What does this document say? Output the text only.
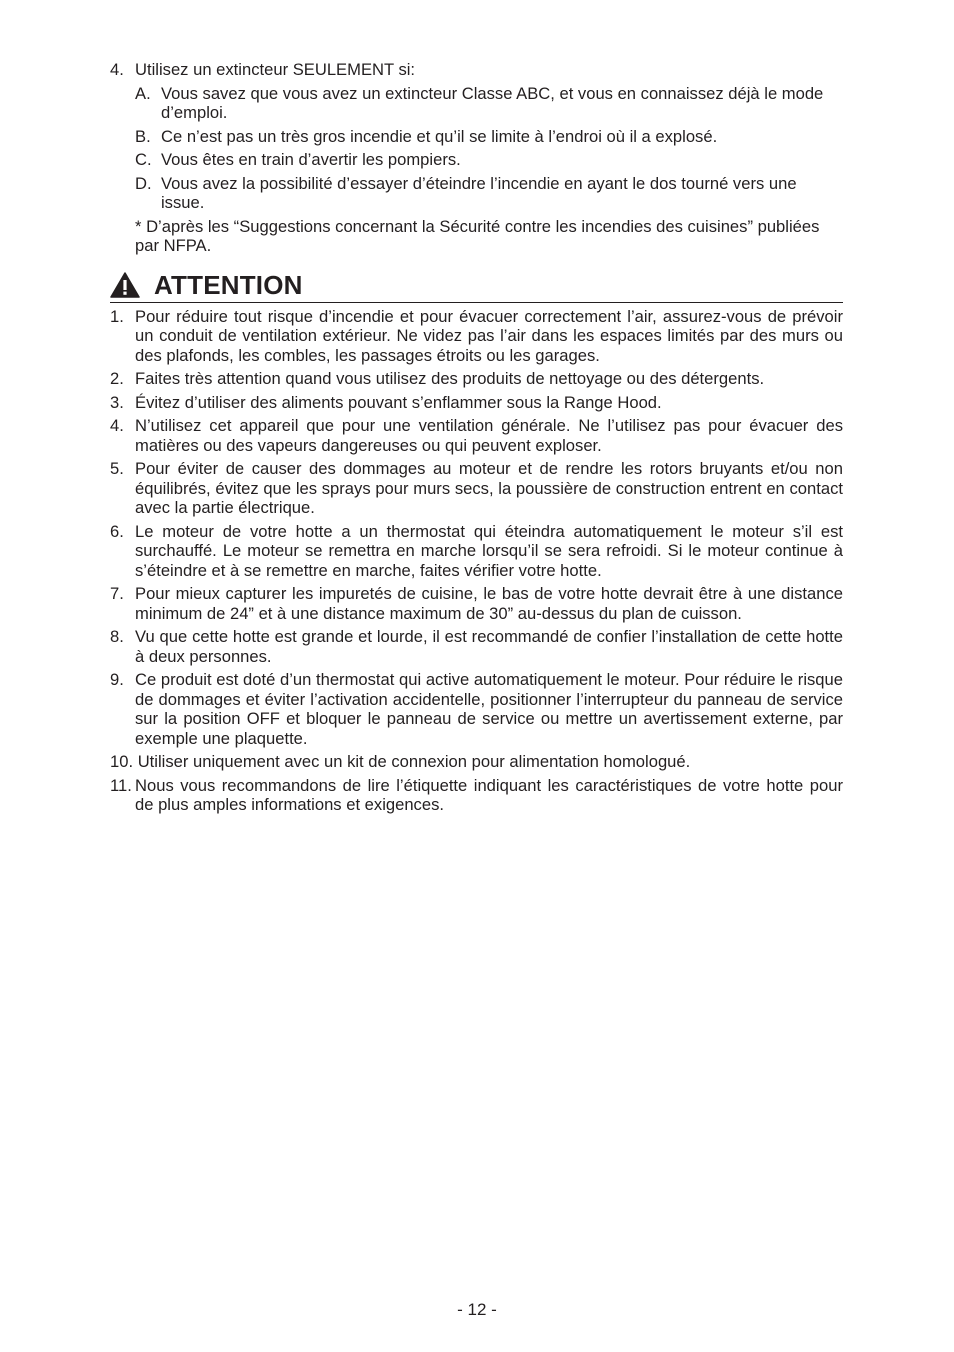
4. Utilisez un extincteur SEULEMENT si:
A. Vous savez que vous avez un extincteur Classe ABC, et vous en connaissez déjà le mode d’emploi.
B. Ce n’est pas un très gros incendie et qu’il se limite à l’endroi où il a explosé.
C. Vous êtes en train d’avertir les pompiers.
D. Vous avez la possibilité d’essayer d’éteindre l’incendie en ayant le dos tourné vers une issue.
* D’après les “Suggestions concernant la Sécurité contre les incendies des cuisines” publiées par NFPA.
ATTENTION
1. Pour réduire tout risque d’incendie et pour évacuer correctement l’air, assurez-vous de prévoir un conduit de ventilation extérieur. Ne videz pas l’air dans les espaces limités par des murs ou des plafonds, les combles, les passages étroits ou les garages.
2. Faites très attention quand vous utilisez des produits de nettoyage ou des détergents.
3. Évitez d’utiliser des aliments pouvant s’enflammer sous la Range Hood.
4. N’utilisez cet appareil que pour une ventilation générale. Ne l’utilisez pas pour évacuer des matières ou des vapeurs dangereuses ou qui peuvent exploser.
5. Pour éviter de causer des dommages au moteur et de rendre les rotors bruyants et/ou non équilibrés, évitez que les sprays pour murs secs, la poussière de construction entrent en contact avec la partie électrique.
6. Le moteur de votre hotte a un thermostat qui éteindra automatiquement le moteur s’il est surchauffé. Le moteur se remettra en marche lorsqu’il se sera refroidi. Si le moteur continue à s’éteindre et à se remettre en marche, faites vérifier votre hotte.
7. Pour mieux capturer les impuretés de cuisine, le bas de votre hotte devrait être à une distance minimum de 24” et à une distance maximum de 30” au-dessus du plan de cuisson.
8. Vu que cette hotte est grande et lourde, il est recommandé de confier l’installation de cette hotte à deux personnes.
9. Ce produit est doté d’un thermostat qui active automatiquement le moteur. Pour réduire le risque de dommages et éviter l’activation accidentelle, positionner l’interrupteur du panneau de service sur la position OFF et bloquer le panneau de service ou mettre un avertissement externe, par exemple une plaquette.
10. Utiliser uniquement avec un kit de connexion pour alimentation homologué.
11. Nous vous recommandons de lire l’étiquette indiquant les caractéristiques de votre hotte pour de plus amples informations et exigences.
- 12 -
